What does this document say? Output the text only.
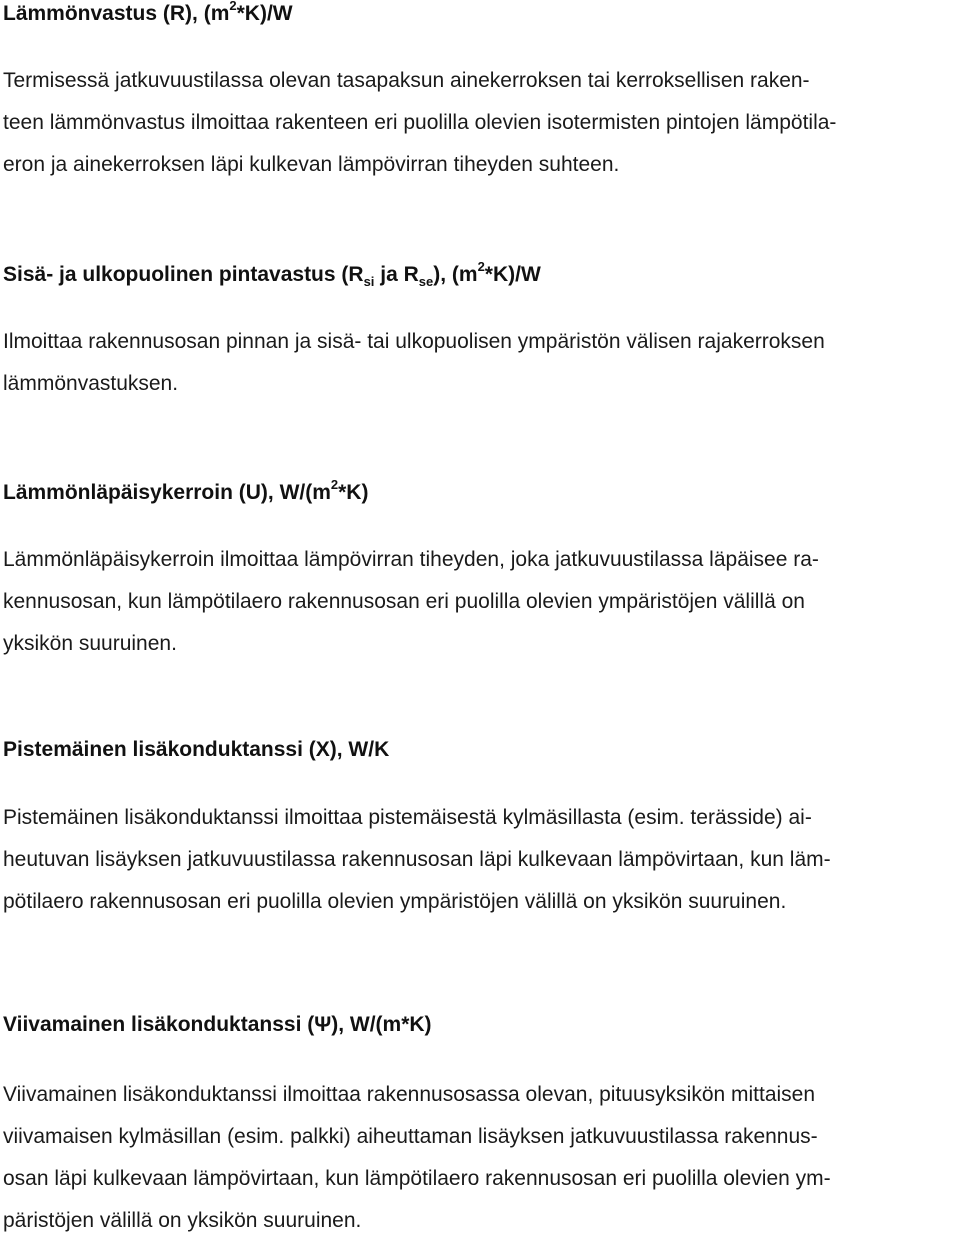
Lämmönvastus (R), $(m^2*K)/W$

Termisessä jatkuvuustilassa olevan tasapaksun ainekerroksen tai kerroksellisen raken-
teen lämmönvastus ilmoittaa rakenteen eri puolilla olevien isotermisten pintojen lämpötila-
eron ja ainekerroksen läpi kulkevan lämpövirran tiheyden suhteen.

Sisä- ja ulkopuolinen pintavastus ($R_{si}$ ja $R_{se}$), $(m^2*K)/W$

Ilmoittaa rakennusosan pinnan ja sisä- tai ulkopuolisen ympäristön välisen rajakerroksen
lämmönvastuksen.

Lämmönläpäisykerroin (U), $W/(m^2*K)$

Lämmönläpäisykerroin ilmoittaa lämpövirran tiheyden, joka jatkuvuustilassa läpäisee ra-
kennusosan, kun lämpötilaero rakennusosan eri puolilla olevien ympäristöjen välillä on
yksikön suuruinen.

Pistemäinen lisäkonduktanssi (X), W/K

Pistemäinen lisäkonduktanssi ilmoittaa pistemäisestä kylmäsillasta (esim. terässide) ai-
heutuvan lisäyksen jatkuvuustilassa rakennusosan läpi kulkevaan lämpövirtaan, kun läm-
pötilaero rakennusosan eri puolilla olevien ympäristöjen välillä on yksikön suuruinen.

Viivamainen lisäkonduktanssi (Ψ), W/(m*K)

Viivamainen lisäkonduktanssi ilmoittaa rakennusosassa olevan, pituusyksikön mittaisen
viivamaisen kylmäsillan (esim. palkki) aiheuttaman lisäyksen jatkuvuustilassa rakennus-
osan läpi kulkevaan lämpövirtaan, kun lämpötilaero rakennusosan eri puolilla olevien ym-
päristöjen välillä on yksikön suuruinen.
